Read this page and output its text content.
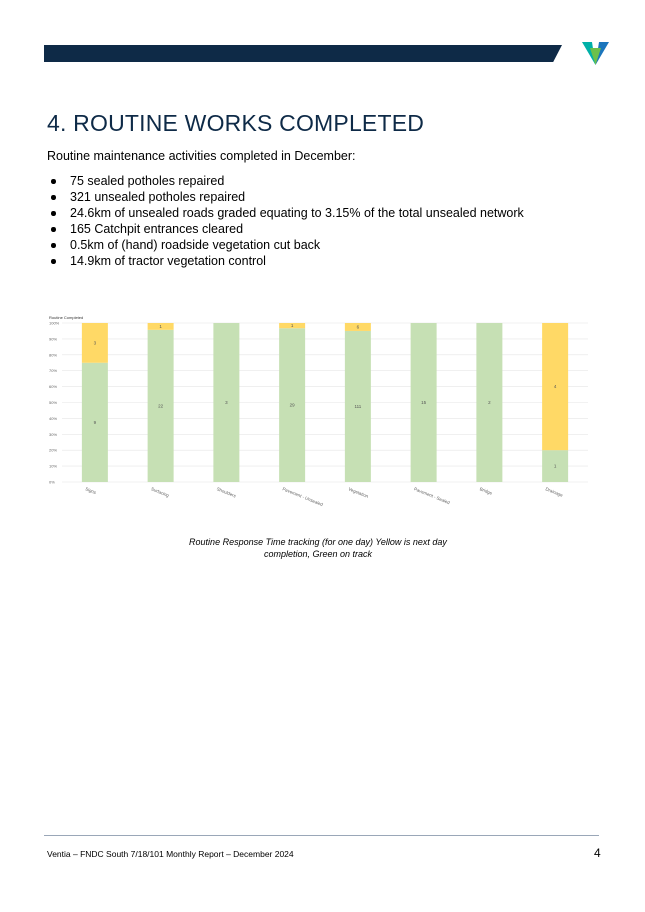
4. ROUTINE WORKS COMPLETED

Routine maintenance activities completed in December:

75 sealed potholes repaired
321 unsealed potholes repaired
24.6km of unsealed roads graded equating to 3.15% of the total unsealed network
165 Catchpit entrances cleared
0.5km of (hand) roadside vegetation cut back
14.9km of tractor vegetation control
Routine Completed
0%
10%
20%
30%
40%
50%
60%
70%
80%
90%
100%
9
3
Signs
22
1
Surfacing
3
Shoulders
29
1
Pavement - Unsealed
111
6
Vegetation
15
Pavement - Sealed
2
Bridge
1
4
Drainage

Routine Response Time tracking (for one day) Yellow is next day completion, Green on track

Ventia – FNDC South 7/18/101 Monthly Report – December 2024	4
